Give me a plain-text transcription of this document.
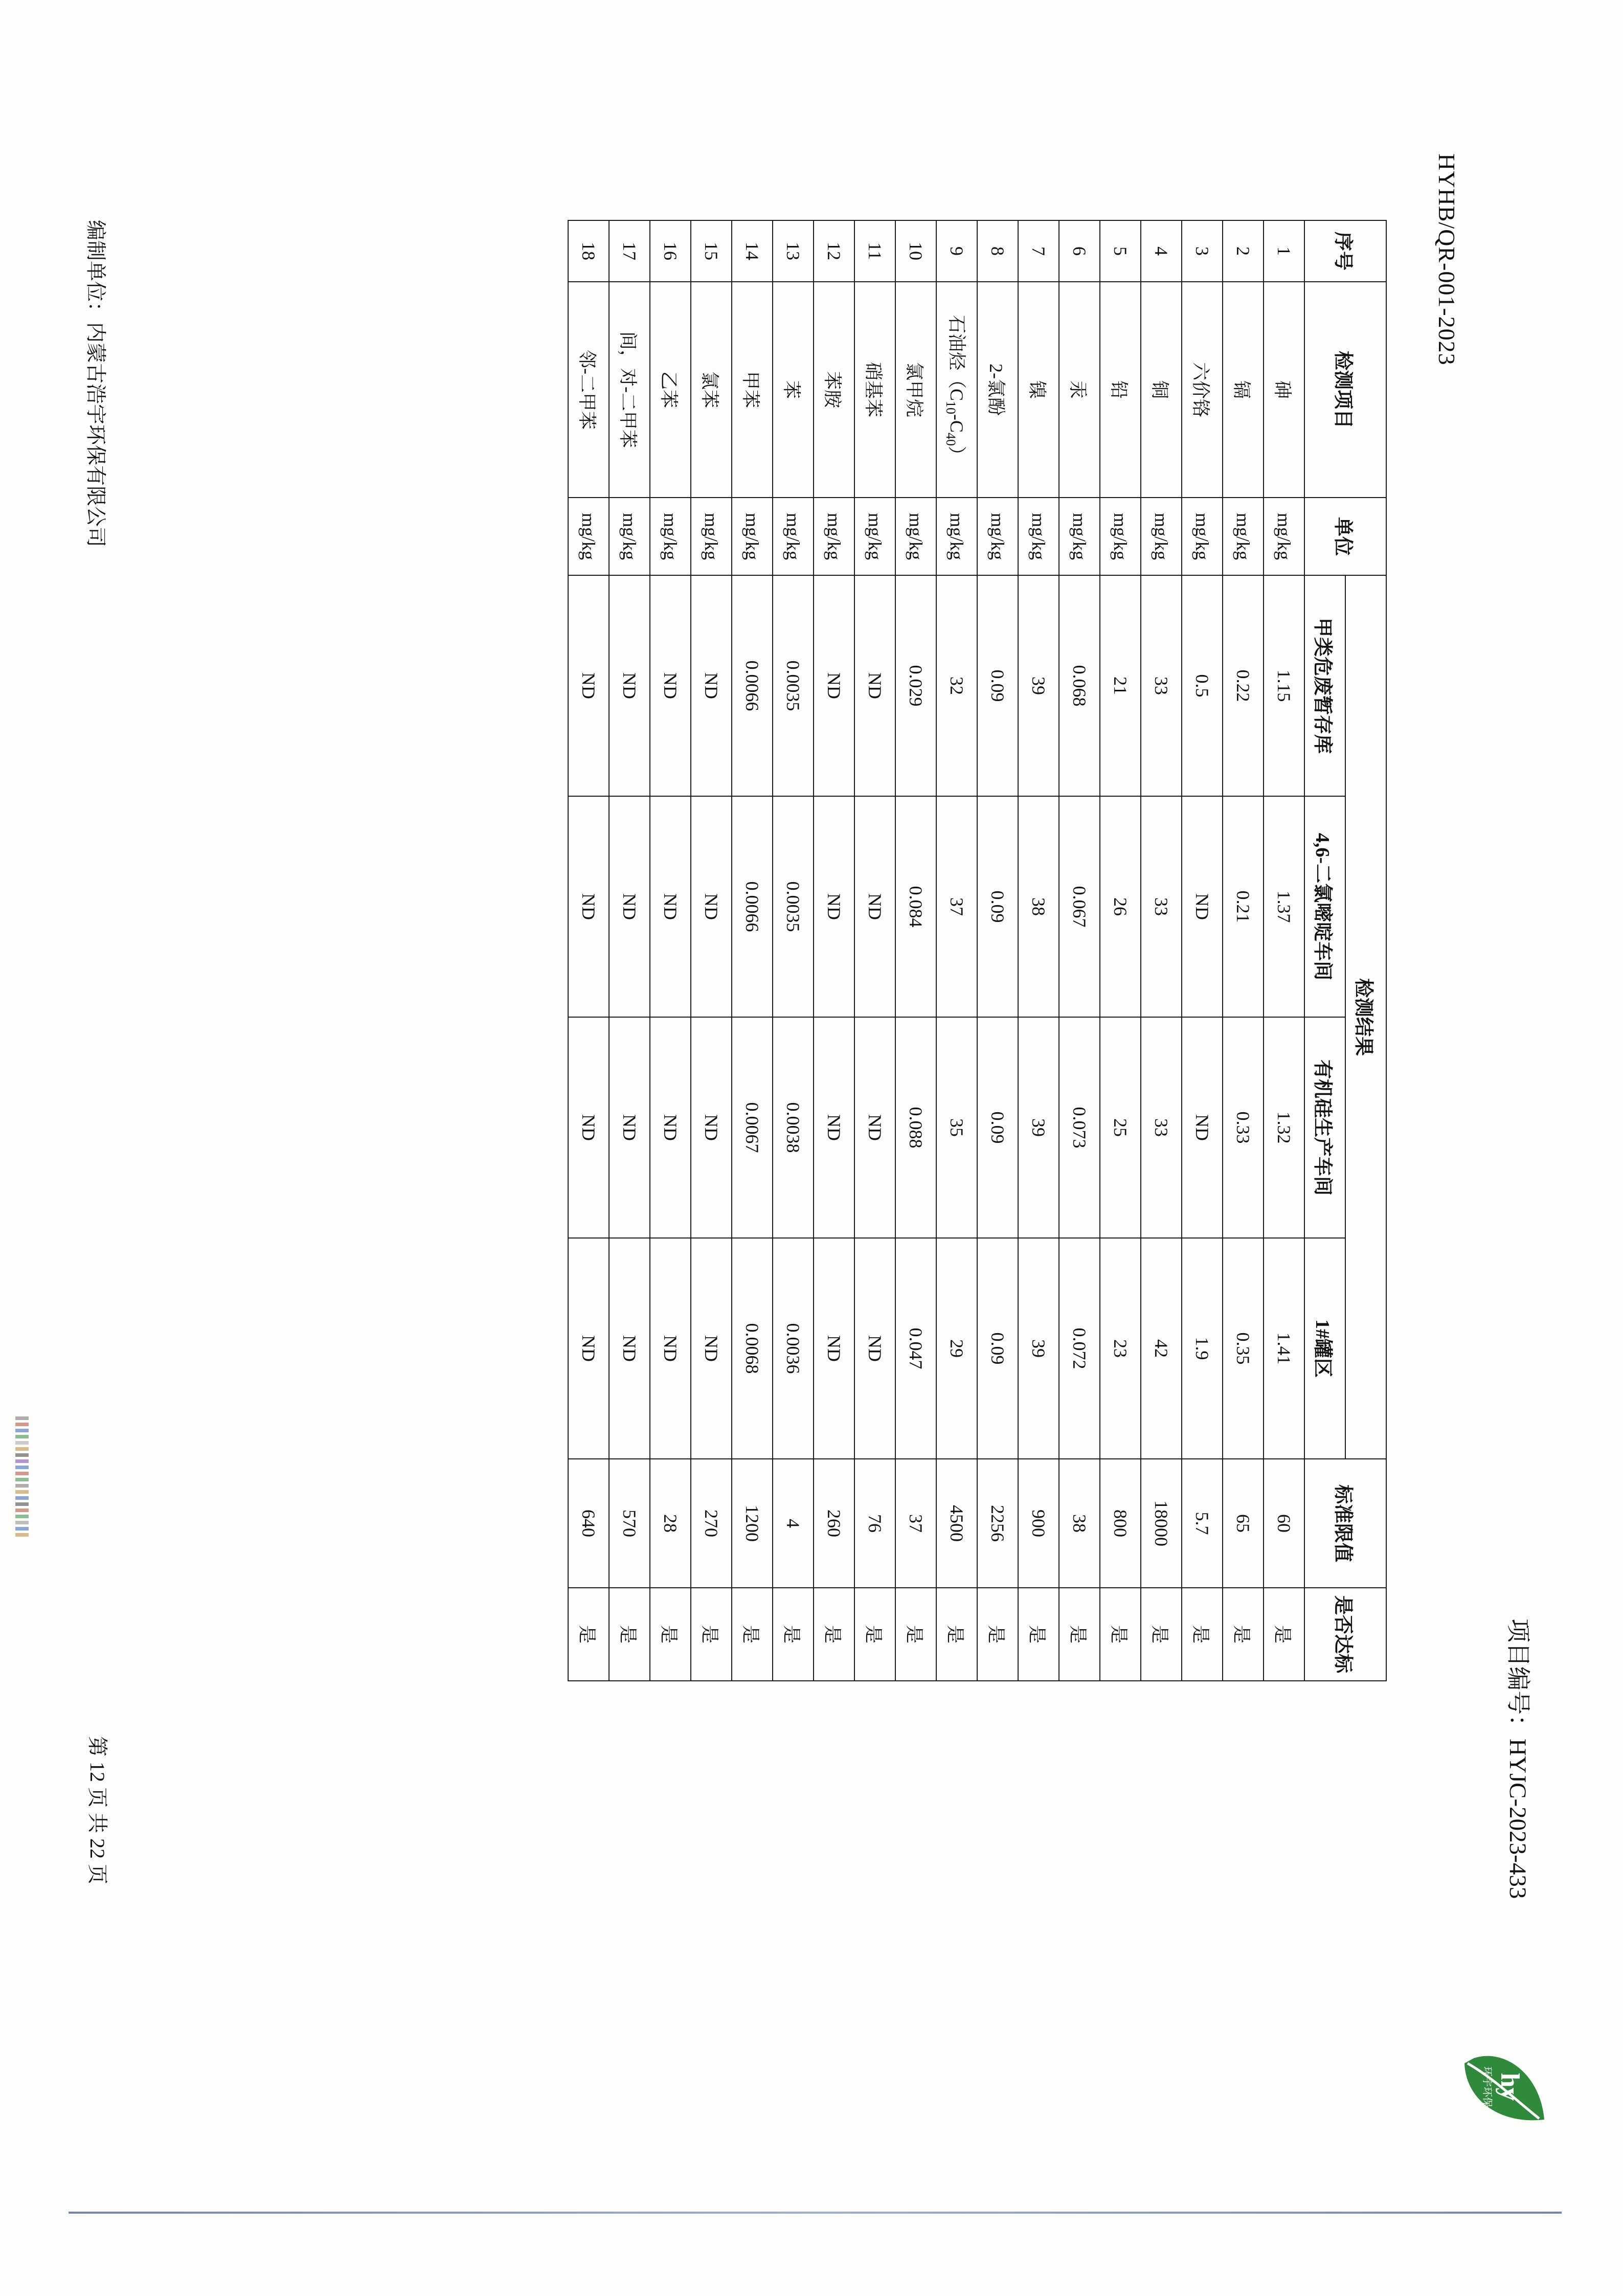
HYHB/QR-001-2023
项目编号：HYJC-2023-433
hy
环宇环保
序号	检测项目	单位	检测结果				标准限值	是否达标
			甲类危废暂存库	4,6-二氯嘧啶车间	有机硅生产车间	1#罐区		
1	砷	mg/kg	1.15	1.37	1.32	1.41	60	是
2	镉	mg/kg	0.22	0.21	0.33	0.35	65	是
3	六价铬	mg/kg	0.5	ND	ND	1.9	5.7	是
4	铜	mg/kg	33	33	33	42	18000	是
5	铅	mg/kg	21	26	25	23	800	是
6	汞	mg/kg	0.068	0.067	0.073	0.072	38	是
7	镍	mg/kg	39	38	39	39	900	是
8	2-氯酚	mg/kg	0.09	0.09	0.09	0.09	2256	是
9	石油烃$(C_{10}-C_{40})$	mg/kg	32	37	35	29	4500	是
10	氯甲烷	mg/kg	0.029	0.084	0.088	0.047	37	是
11	硝基苯	mg/kg	ND	ND	ND	ND	76	是
12	苯胺	mg/kg	ND	ND	ND	ND	260	是
13	苯	mg/kg	0.0035	0.0035	0.0038	0.0036	4	是
14	甲苯	mg/kg	0.0066	0.0066	0.0067	0.0068	1200	是
15	氯苯	mg/kg	ND	ND	ND	ND	270	是
16	乙苯	mg/kg	ND	ND	ND	ND	28	是
17	间，对-二甲苯	mg/kg	ND	ND	ND	ND	570	是
18	邻-二甲苯	mg/kg	ND	ND	ND	ND	640	是
编制单位：内蒙古浩宇环保有限公司
第 12 页 共 22 页
